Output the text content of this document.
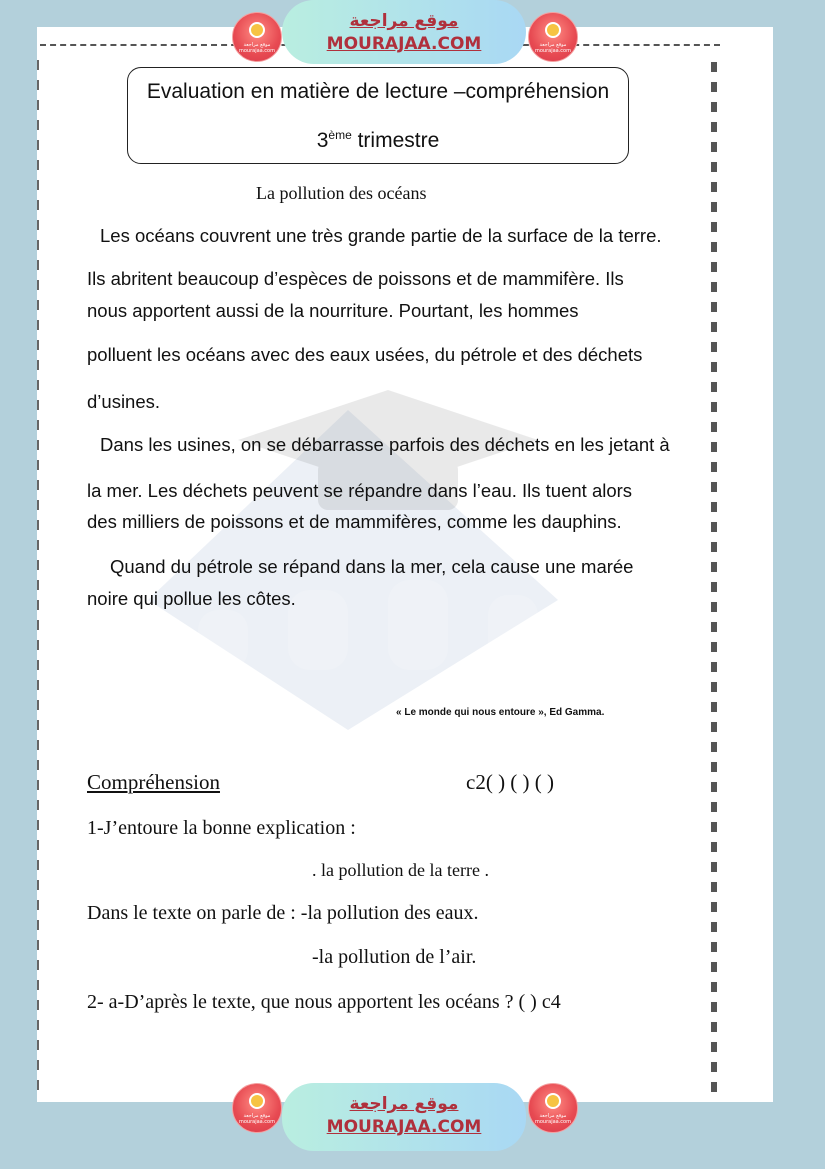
موقع مراجعة mourajaa.com
موقع مراجعة
MOURAJAA.COM	موقع مراجعة mourajaa.com
Evaluation en matière de lecture –compréhension
3ème trimestre
La pollution des océans
Les océans couvrent une très grande partie de la surface de la terre.
Ils abritent beaucoup d’espèces de poissons et de mammifère. Ils
nous apportent aussi de la nourriture. Pourtant, les hommes
polluent les océans avec des eaux usées, du pétrole et des déchets
d’usines.
Dans les usines, on se débarrasse parfois des déchets en les jetant à
la mer. Les déchets peuvent se répandre dans l’eau. Ils tuent alors
des milliers de poissons et de mammifères, comme les dauphins.
Quand du pétrole se répand dans la mer, cela cause une marée
noire qui pollue les côtes.
« Le monde qui nous entoure », Ed Gamma.
Compréhension	c2( ) ( ) ( )
1-J’entoure la bonne explication :
. la pollution de la terre .
Dans le texte on parle de : -la pollution des eaux.
-la pollution de l’air.
2- a-D’après le texte, que nous apportent les océans ? ( ) c4
موقع مراجعة mourajaa.com
موقع مراجعة
MOURAJAA.COM
موقع مراجعة mourajaa.com
